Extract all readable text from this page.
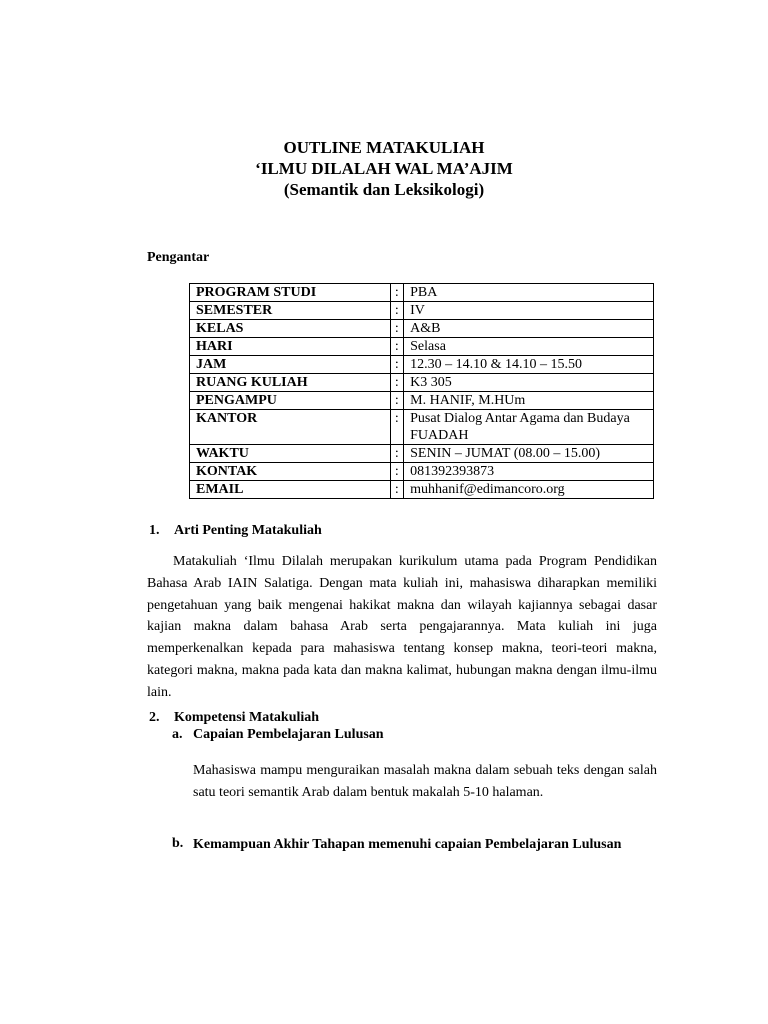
OUTLINE MATAKULIAH
‘ILMU DILALAH WAL MA’AJIM
(Semantik dan Leksikologi)
Pengantar
PROGRAM STUDI	:	PBA
SEMESTER	:	IV
KELAS	:	A&B
HARI	:	Selasa
JAM	:	12.30 – 14.10 & 14.10 – 15.50
RUANG KULIAH	:	K3 305
PENGAMPU	:	M. HANIF, M.HUm
KANTOR	:	Pusat Dialog Antar Agama dan Budaya FUADAH
WAKTU	:	SENIN – JUMAT (08.00 – 15.00)
KONTAK	:	081392393873
EMAIL	:	muhhanif@edimancoro.org
1. Arti Penting Matakuliah
Matakuliah ‘Ilmu Dilalah merupakan kurikulum utama pada Program Pendidikan Bahasa Arab IAIN Salatiga. Dengan mata kuliah ini, mahasiswa diharapkan memiliki pengetahuan yang baik mengenai hakikat makna dan wilayah kajiannya sebagai dasar kajian makna dalam bahasa Arab serta pengajarannya. Mata kuliah ini juga memperkenalkan kepada para mahasiswa tentang konsep makna, teori-teori makna, kategori makna, makna pada kata dan makna kalimat, hubungan makna dengan ilmu-ilmu lain.
2. Kompetensi Matakuliah
a. Capaian Pembelajaran Lulusan
Mahasiswa mampu menguraikan masalah makna dalam sebuah teks dengan salah satu teori semantik Arab dalam bentuk makalah 5-10 halaman.
b. Kemampuan Akhir Tahapan memenuhi capaian Pembelajaran Lulusan
